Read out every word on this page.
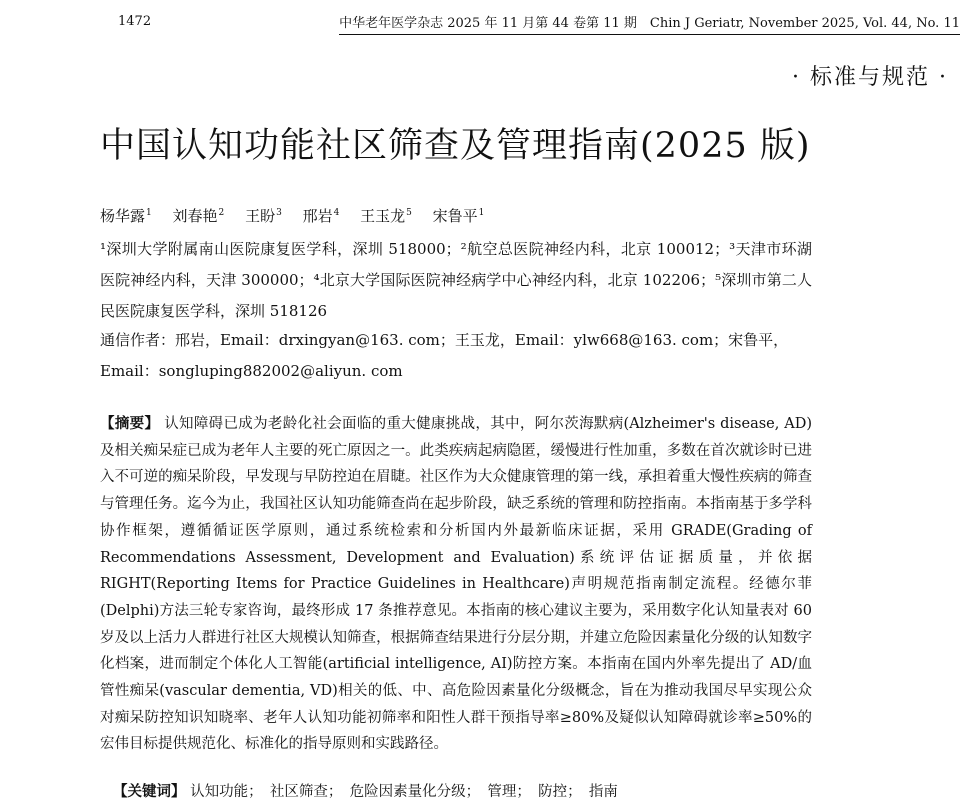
1472	中华老年医学杂志 2025 年 11 月第 44 卷第 11 期　Chin J Geriatr, November 2025, Vol. 44, No. 11
· 标准与规范 ·
中国认知功能社区筛查及管理指南(2025 版)
杨华露$^1$ 刘春艳$^2$ 王盼$^3$ 邢岩$^4$ 王玉龙$^5$ 宋鲁平$^1$

¹深圳大学附属南山医院康复医学科，深圳 518000；²航空总医院神经内科，北京 100012；³天津市环湖医院神经内科，天津 300000；⁴北京大学国际医院神经病学中心神经内科，北京 102206；⁵深圳市第二人民医院康复医学科，深圳 518126

通信作者：邢岩，Email：drxingyan@163. com；王玉龙，Email：ylw668@163. com；宋鲁平，Email：songluping882002@aliyun. com
【摘要】 认知障碍已成为老龄化社会面临的重大健康挑战，其中，阿尔茨海默病(Alzheimer's disease, AD)及相关痴呆症已成为老年人主要的死亡原因之一。此类疾病起病隐匿，缓慢进行性加重，多数在首次就诊时已进入不可逆的痴呆阶段，早发现与早防控迫在眉睫。社区作为大众健康管理的第一线，承担着重大慢性疾病的筛查与管理任务。迄今为止，我国社区认知功能筛查尚在起步阶段，缺乏系统的管理和防控指南。本指南基于多学科协作框架，遵循循证医学原则，通过系统检索和分析国内外最新临床证据，采用 GRADE(Grading of Recommendations Assessment, Development and Evaluation)系统评估证据质量，并依据 RIGHT(Reporting Items for Practice Guidelines in Healthcare)声明规范指南制定流程。经德尔菲(Delphi)方法三轮专家咨询，最终形成 17 条推荐意见。本指南的核心建议主要为，采用数字化认知量表对 60 岁及以上活力人群进行社区大规模认知筛查，根据筛查结果进行分层分期，并建立危险因素量化分级的认知数字化档案，进而制定个体化人工智能(artificial intelligence, AI)防控方案。本指南在国内外率先提出了 AD/血管性痴呆(vascular dementia, VD)相关的低、中、高危险因素量化分级概念，旨在为推动我国尽早实现公众对痴呆防控知识知晓率、老年人认知功能初筛率和阳性人群干预指导率≥80%及疑似认知障碍就诊率≥50%的宏伟目标提供规范化、标准化的指导原则和实践路径。
【关键词】 认知功能；　社区筛查；　危险因素量化分级；　管理；　防控；　指南
